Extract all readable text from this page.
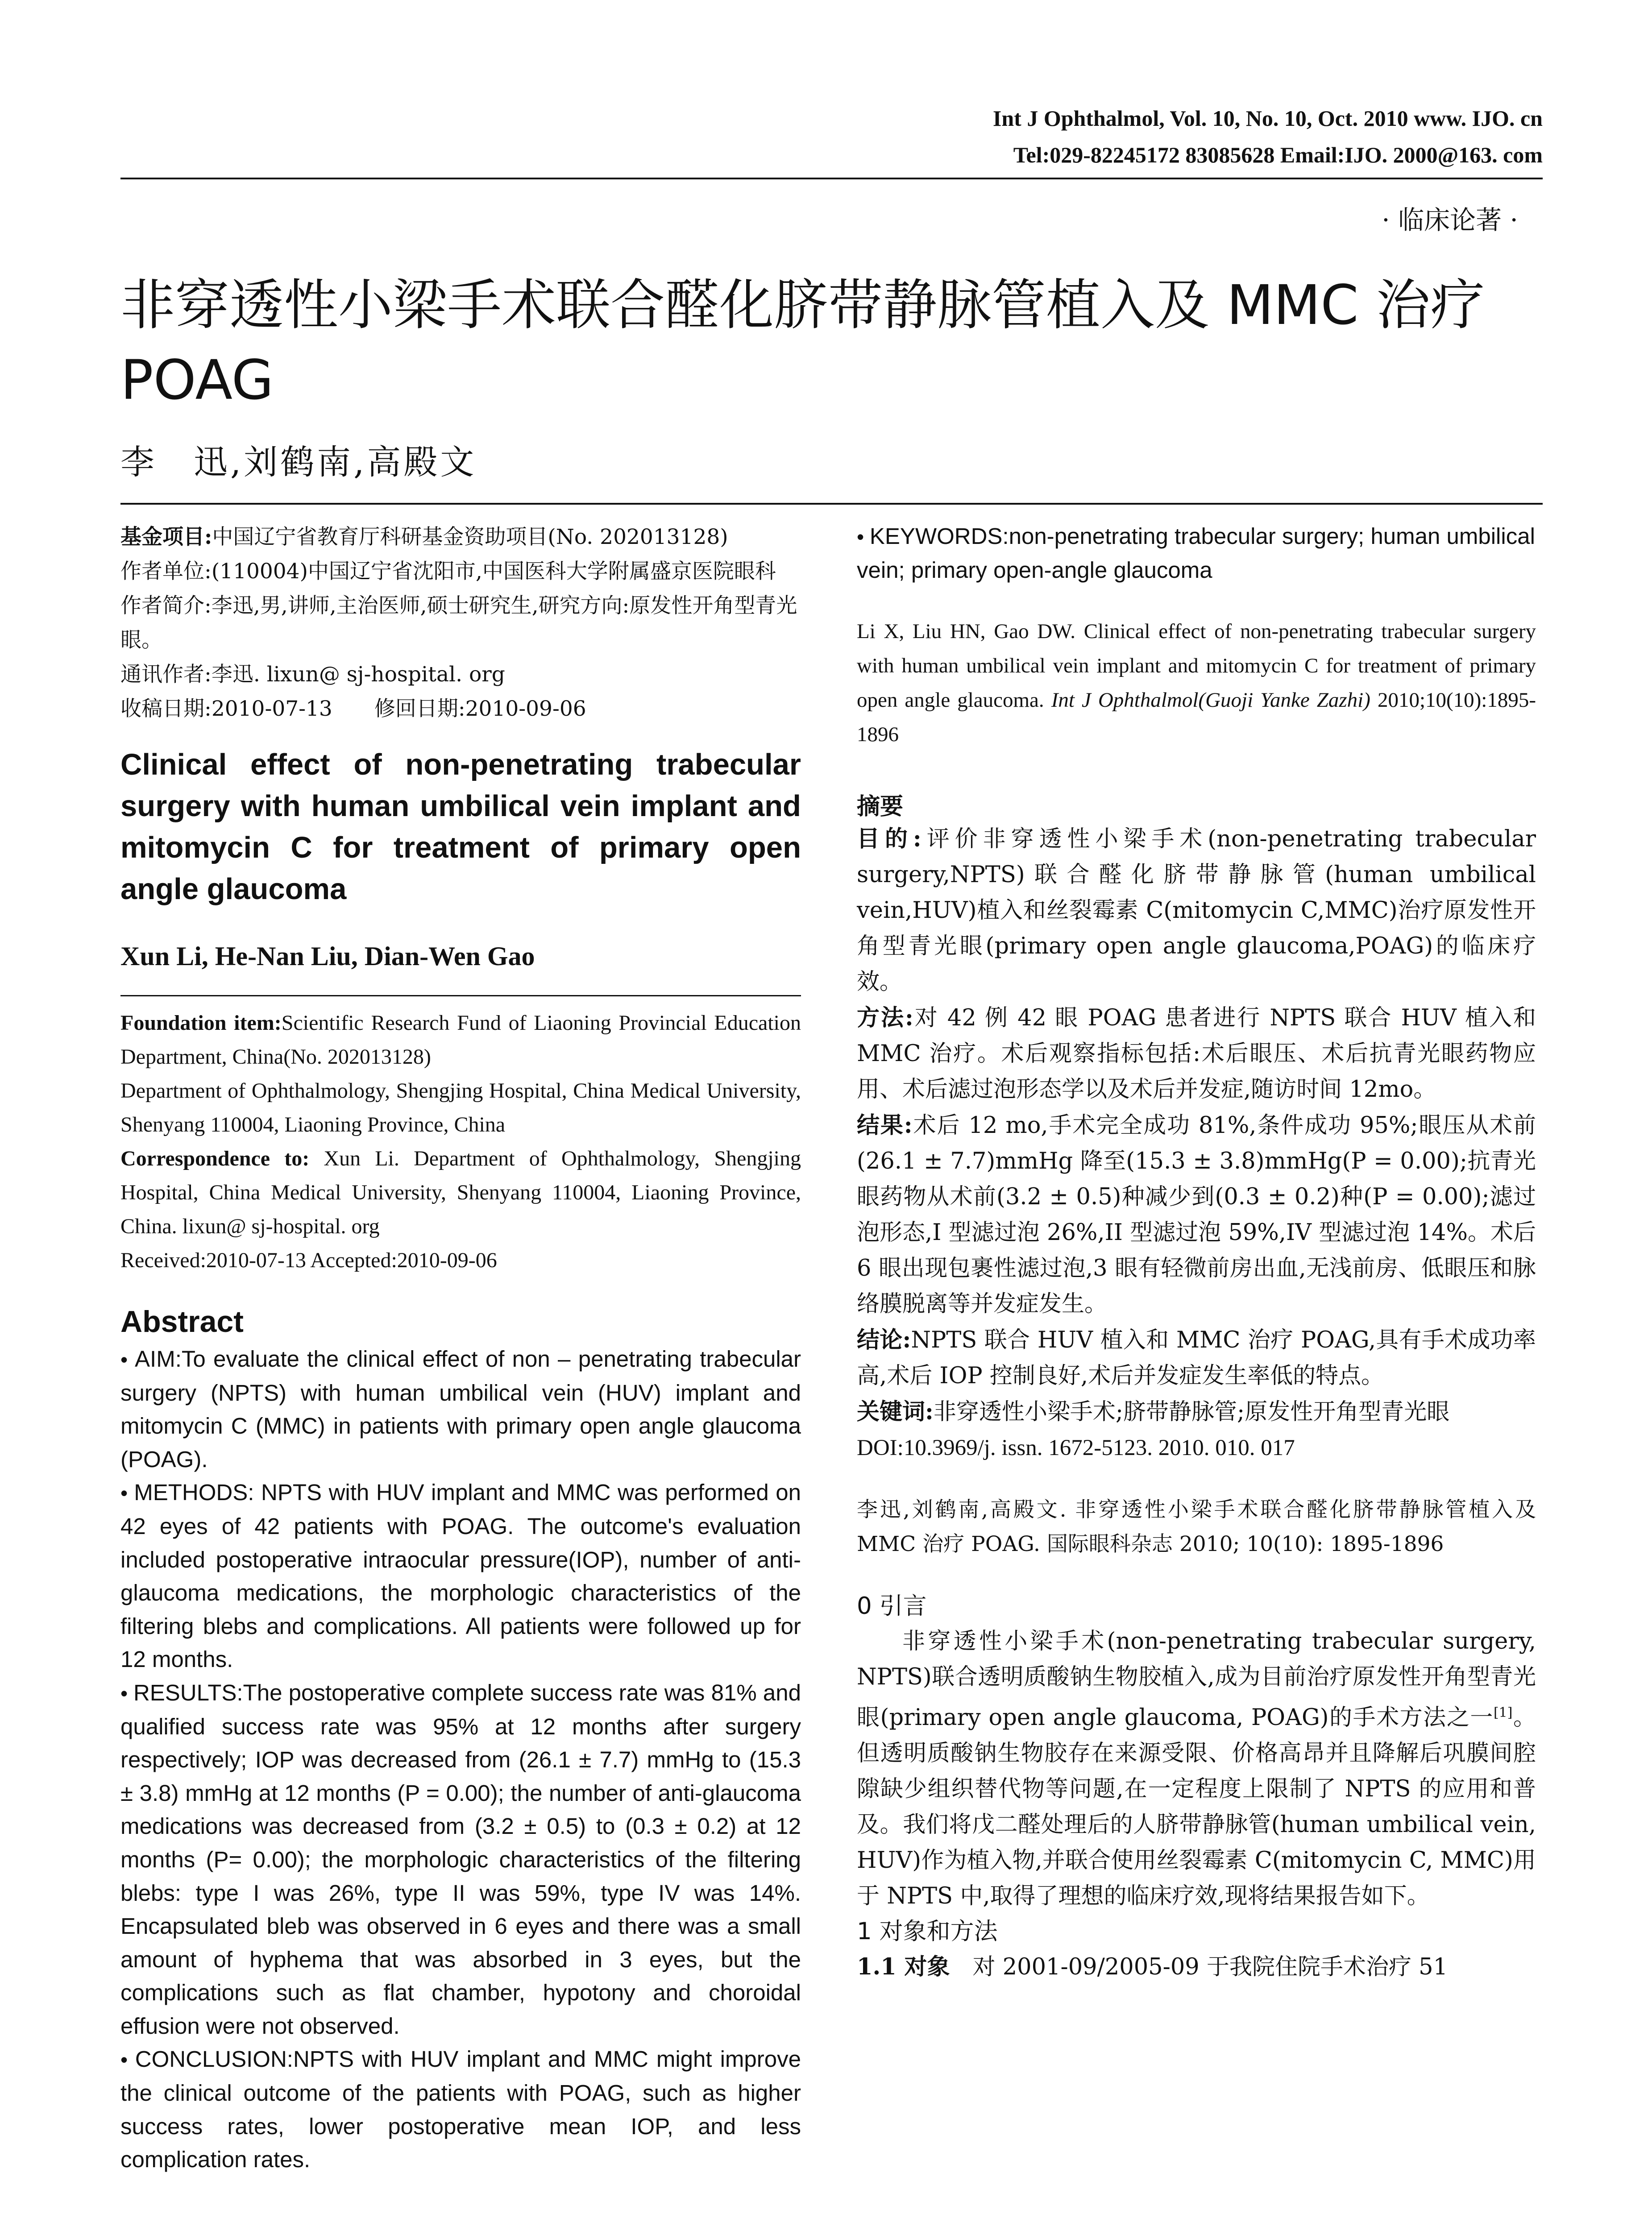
Int J Ophthalmol, Vol. 10, No. 10, Oct. 2010 www. IJO. cn
Tel:029-82245172 83085628 Email:IJO. 2000@163. com
· 临床论著 ·
非穿透性小梁手术联合醛化脐带静脉管植入及 MMC 治疗 POAG
李　迅,刘鹤南,高殿文

基金项目:中国辽宁省教育厅科研基金资助项目(No. 202013128)

作者单位:(110004)中国辽宁省沈阳市,中国医科大学附属盛京医院眼科

作者简介:李迅,男,讲师,主治医师,硕士研究生,研究方向:原发性开角型青光眼。

通讯作者:李迅. lixun@ sj-hospital. org

收稿日期:2010-07-13　　修回日期:2010-09-06

Clinical effect of non-penetrating trabecular surgery with human umbilical vein implant and mitomycin C for treatment of primary open angle glaucoma
Xun Li, He-Nan Liu, Dian-Wen Gao

Foundation item:Scientific Research Fund of Liaoning Provincial Education Department, China(No. 202013128)

Department of Ophthalmology, Shengjing Hospital, China Medical University, Shenyang 110004, Liaoning Province, China

Correspondence to: Xun Li. Department of Ophthalmology, Shengjing Hospital, China Medical University, Shenyang 110004, Liaoning Province, China. lixun@ sj-hospital. org

Received:2010-07-13 Accepted:2010-09-06

Abstract

• AIM:To evaluate the clinical effect of non – penetrating trabecular surgery (NPTS) with human umbilical vein (HUV) implant and mitomycin C (MMC) in patients with primary open angle glaucoma (POAG).

• METHODS: NPTS with HUV implant and MMC was performed on 42 eyes of 42 patients with POAG. The outcome's evaluation included postoperative intraocular pressure(IOP), number of anti-glaucoma medications, the morphologic characteristics of the filtering blebs and complications. All patients were followed up for 12 months.

• RESULTS:The postoperative complete success rate was 81% and qualified success rate was 95% at 12 months after surgery respectively; IOP was decreased from (26.1 ± 7.7) mmHg to (15.3 ± 3.8) mmHg at 12 months (P = 0.00); the number of anti-glaucoma medications was decreased from (3.2 ± 0.5) to (0.3 ± 0.2) at 12 months (P= 0.00); the morphologic characteristics of the filtering blebs: type I was 26%, type II was 59%, type IV was 14%. Encapsulated bleb was observed in 6 eyes and there was a small amount of hyphema that was absorbed in 3 eyes, but the complications such as flat chamber, hypotony and choroidal effusion were not observed.

• CONCLUSION:NPTS with HUV implant and MMC might improve the clinical outcome of the patients with POAG, such as higher success rates, lower postoperative mean IOP, and less complication rates.

• KEYWORDS:non-penetrating trabecular surgery; human umbilical vein; primary open-angle glaucoma

Li X, Liu HN, Gao DW. Clinical effect of non-penetrating trabecular surgery with human umbilical vein implant and mitomycin C for treatment of primary open angle glaucoma. Int J Ophthalmol(Guoji Yanke Zazhi) 2010;10(10):1895-1896
摘要

目的:评价非穿透性小梁手术(non-penetrating trabecular surgery,NPTS)联合醛化脐带静脉管(human umbilical vein,HUV)植入和丝裂霉素 C(mitomycin C,MMC)治疗原发性开角型青光眼(primary open angle glaucoma,POAG)的临床疗效。

方法:对 42 例 42 眼 POAG 患者进行 NPTS 联合 HUV 植入和 MMC 治疗。术后观察指标包括:术后眼压、术后抗青光眼药物应用、术后滤过泡形态学以及术后并发症,随访时间 12mo。

结果:术后 12 mo,手术完全成功 81%,条件成功 95%;眼压从术前(26.1 ± 7.7)mmHg 降至(15.3 ± 3.8)mmHg(P = 0.00);抗青光眼药物从术前(3.2 ± 0.5)种减少到(0.3 ± 0.2)种(P = 0.00);滤过泡形态,I 型滤过泡 26%,II 型滤过泡 59%,IV 型滤过泡 14%。术后 6 眼出现包裹性滤过泡,3 眼有轻微前房出血,无浅前房、低眼压和脉络膜脱离等并发症发生。

结论:NPTS 联合 HUV 植入和 MMC 治疗 POAG,具有手术成功率高,术后 IOP 控制良好,术后并发症发生率低的特点。

关键词:非穿透性小梁手术;脐带静脉管;原发性开角型青光眼

DOI:10.3969/j. issn. 1672-5123. 2010. 010. 017

李迅,刘鹤南,高殿文. 非穿透性小梁手术联合醛化脐带静脉管植入及 MMC 治疗 POAG. 国际眼科杂志 2010; 10(10): 1895-1896
0 引言

非穿透性小梁手术(non-penetrating trabecular surgery, NPTS)联合透明质酸钠生物胶植入,成为目前治疗原发性开角型青光眼(primary open angle glaucoma, POAG)的手术方法之一[1]。但透明质酸钠生物胶存在来源受限、价格高昂并且降解后巩膜间腔隙缺少组织替代物等问题,在一定程度上限制了 NPTS 的应用和普及。我们将戊二醛处理后的人脐带静脉管(human umbilical vein, HUV)作为植入物,并联合使用丝裂霉素 C(mitomycin C, MMC)用于 NPTS 中,取得了理想的临床疗效,现将结果报告如下。

1 对象和方法

1.1 对象　 对 2001-09/2005-09 于我院住院手术治疗 51
